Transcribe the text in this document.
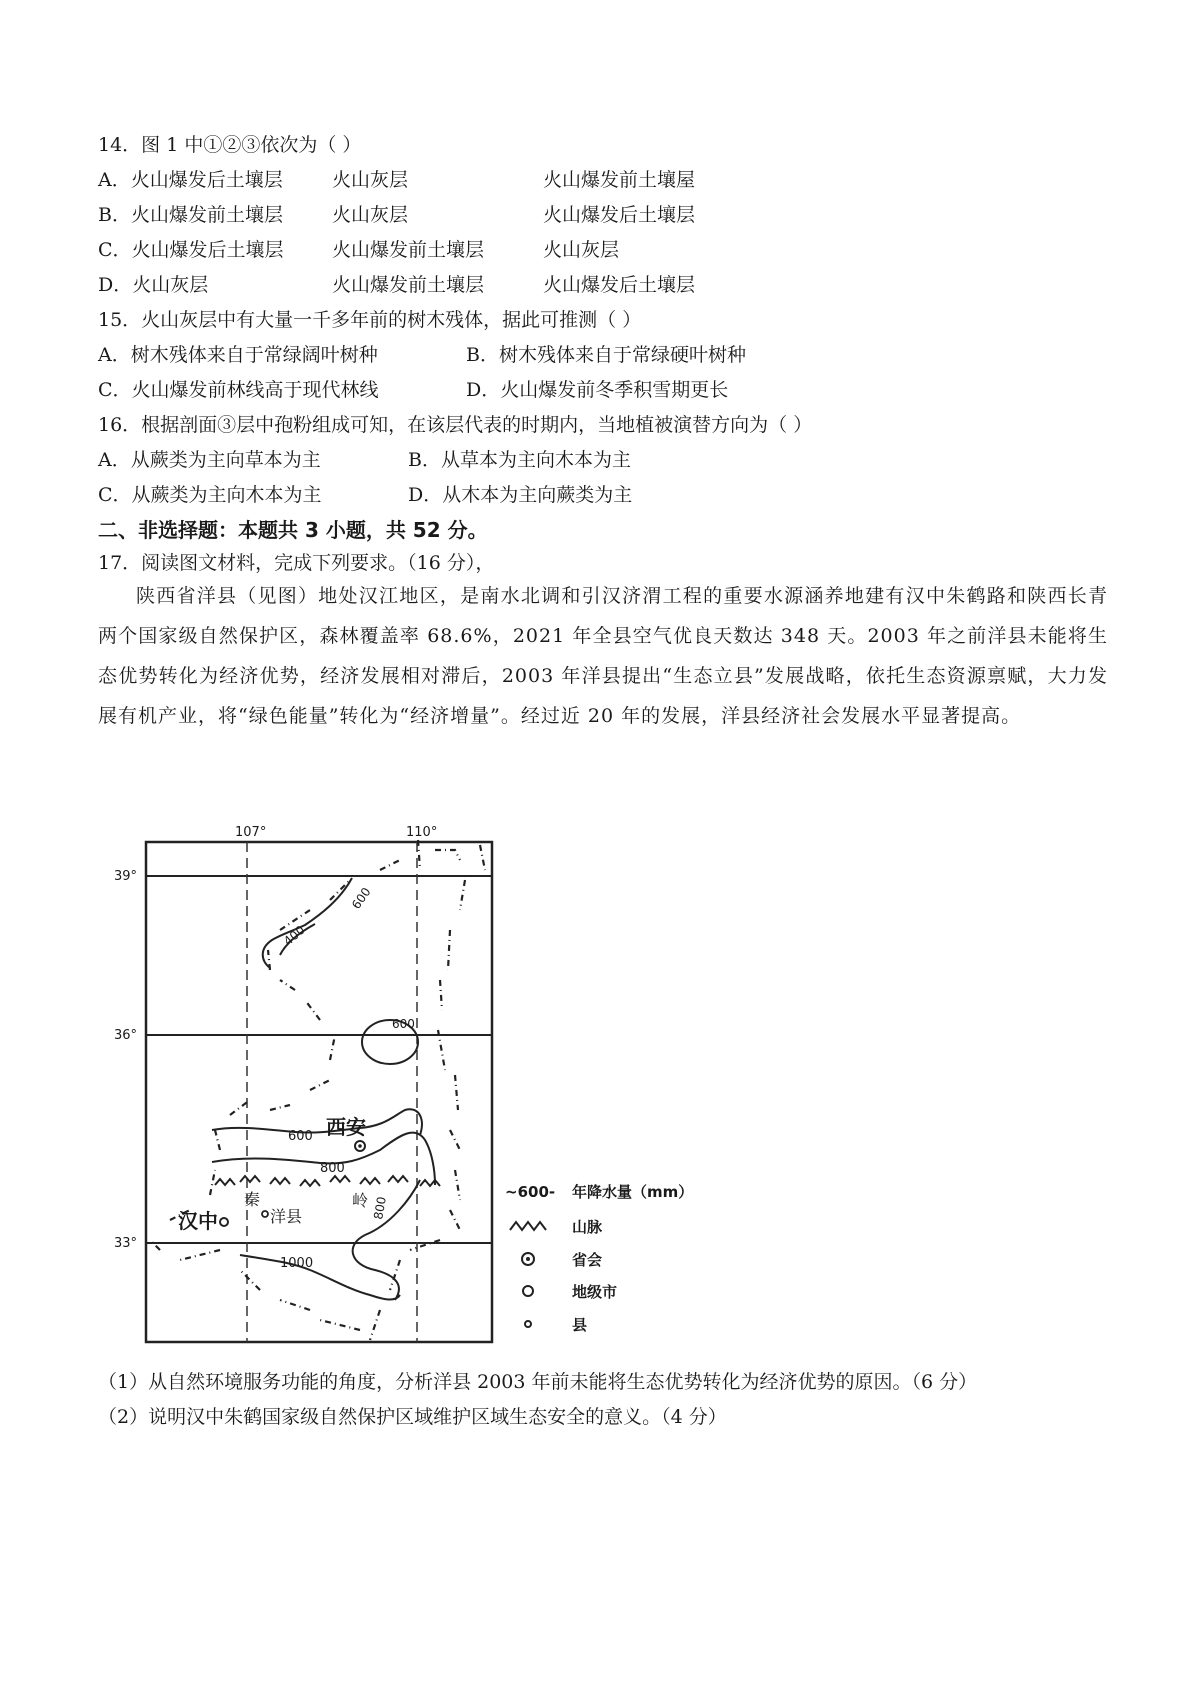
14．图 1 中①②③依次为（ ）
A．火山爆发后土壤层	火山灰层	火山爆发前土壤屋
B．火山爆发前土壤层	火山灰层	火山爆发后土壤层
C．火山爆发后土壤层	火山爆发前土壤层	火山灰层
D．火山灰层	火山爆发前土壤层	火山爆发后土壤层
15．火山灰层中有大量一千多年前的树木残体，据此可推测（ ）
A．树木残体来自于常绿阔叶树种	B．树木残体来自于常绿硬叶树种
C．火山爆发前林线高于现代林线	D．火山爆发前冬季积雪期更长
16．根据剖面③层中孢粉组成可知，在该层代表的时期内，当地植被演替方向为（ ）
A．从蕨类为主向草本为主	B．从草本为主向木本为主
C．从蕨类为主向木本为主	D．从木本为主向蕨类为主
二、非选择题：本题共 3 小题，共 52 分。
17．阅读图文材料，完成下列要求。（16 分），
陕西省洋县（见图）地处汉江地区，是南水北调和引汉济渭工程的重要水源涵养地建有汉中朱鹤路和陕西长青两个国家级自然保护区，森林覆盖率 68.6%，2021 年全县空气优良天数达 348 天。2003 年之前洋县未能将生态优势转化为经济优势，经济发展相对滞后，2003 年洋县提出“生态立县”发展战略，依托生态资源禀赋，大力发展有机产业，将“绿色能量”转化为“经济增量”。经过近 20 年的发展，洋县经济社会发展水平显著提高。
107°	110°
39°
36°
33°
600
400
600
600
800
800
1000
西安
汉中
秦
洋县
岭	~600- 年降水量（mm）
山脉
省会
地级市
县
（1）从自然环境服务功能的角度，分析洋县 2003 年前未能将生态优势转化为经济优势的原因。（6 分）
（2）说明汉中朱鹤国家级自然保护区域维护区域生态安全的意义。（4 分）
